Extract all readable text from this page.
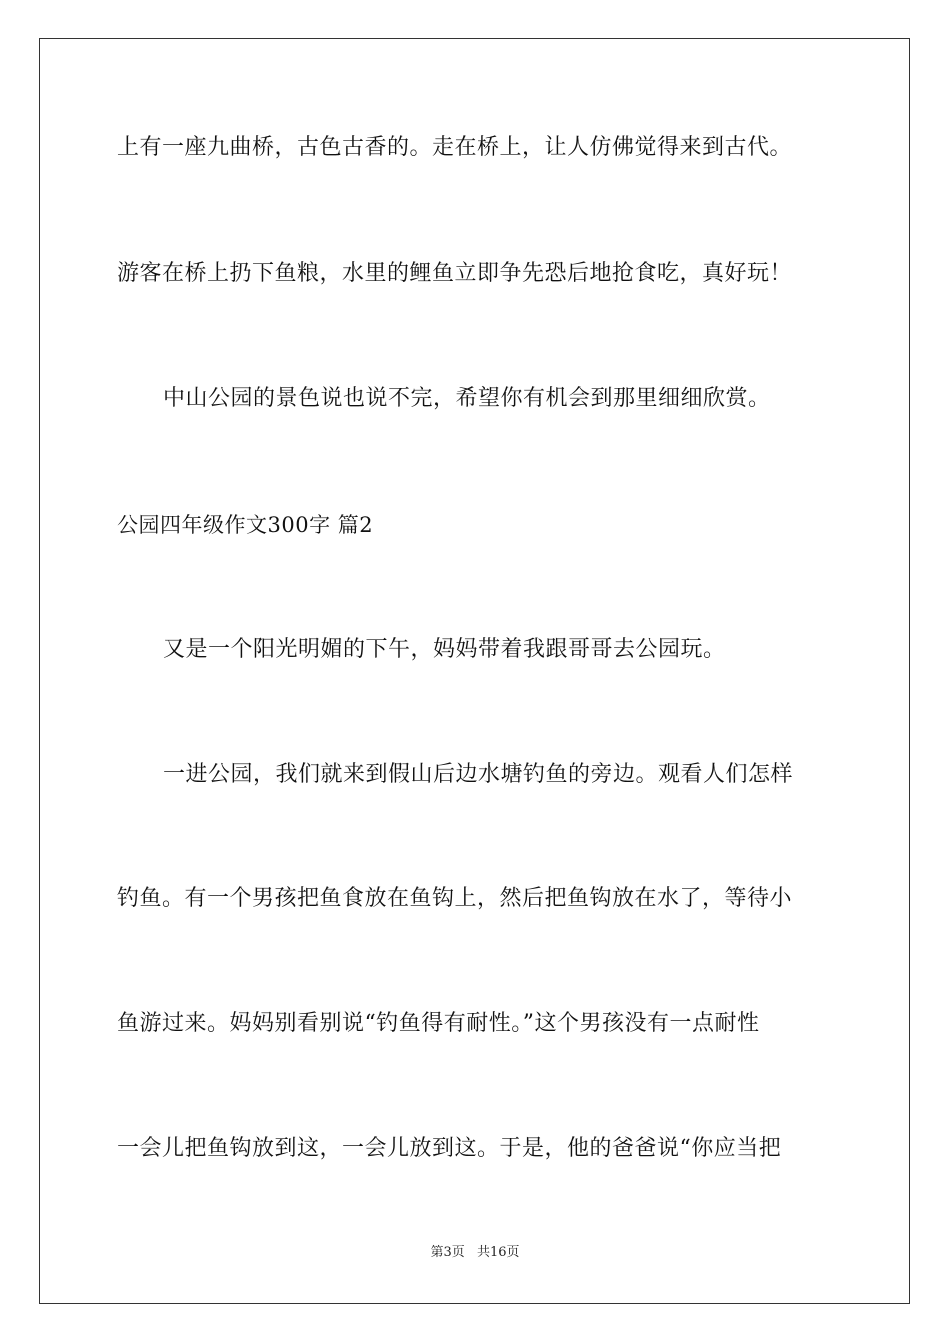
上有一座九曲桥，古色古香的。走在桥上，让人仿佛觉得来到古代。
游客在桥上扔下鱼粮，水里的鲤鱼立即争先恐后地抢食吃，真好玩！
中山公园的景色说也说不完，希望你有机会到那里细细欣赏。
公园四年级作文300字 篇2
又是一个阳光明媚的下午，妈妈带着我跟哥哥去公园玩。
一进公园，我们就来到假山后边水塘钓鱼的旁边。观看人们怎样
钓鱼。有一个男孩把鱼食放在鱼钩上，然后把鱼钩放在水了，等待小
鱼游过来。妈妈别看别说“钓鱼得有耐性。”这个男孩没有一点耐性
一会儿把鱼钩放到这，一会儿放到这。于是，他的爸爸说“你应当把
第3页 共16页
